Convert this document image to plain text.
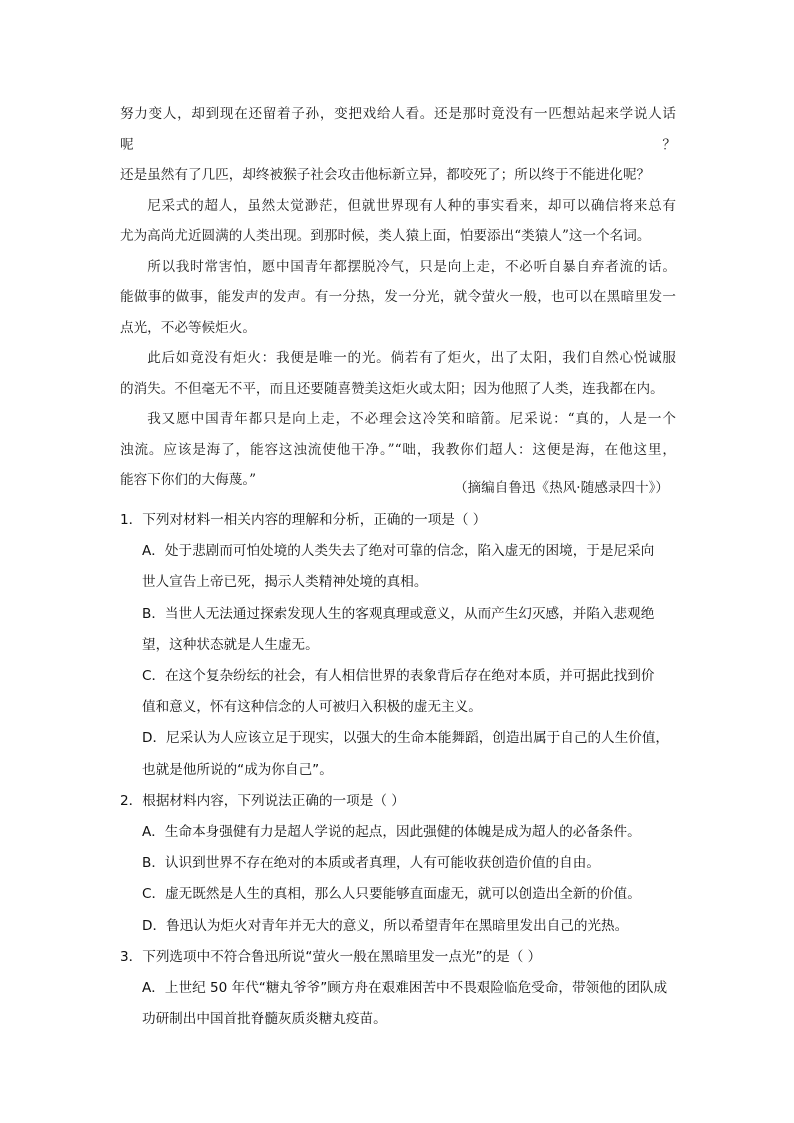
努力变人，却到现在还留着子孙，变把戏给人看。还是那时竟没有一匹想站起来学说人话呢？

还是虽然有了几匹，却终被猴子社会攻击他标新立异，都咬死了；所以终于不能进化呢？

尼采式的超人，虽然太觉渺茫，但就世界现有人种的事实看来，却可以确信将来总有

尤为高尚尤近圆满的人类出现。到那时候，类人猿上面，怕要添出“类猿人”这一个名词。

所以我时常害怕，愿中国青年都摆脱冷气，只是向上走，不必听自暴自弃者流的话。

能做事的做事，能发声的发声。有一分热，发一分光，就令萤火一般，也可以在黑暗里发一

点光，不必等候炬火。

此后如竟没有炬火：我便是唯一的光。倘若有了炬火，出了太阳，我们自然心悦诚服

的消失。不但毫无不平，而且还要随喜赞美这炬火或太阳；因为他照了人类，连我都在内。

我又愿中国青年都只是向上走，不必理会这冷笑和暗箭。尼采说：“真的，人是一个

浊流。应该是海了，能容这浊流使他干净。”“咄，我教你们超人：这便是海，在他这里，

能容下你们的大侮蔑。”	（摘编自鲁迅《热风·随感录四十》）

1．下列对材料一相关内容的理解和分析，正确的一项是（ ）

A．处于悲剧而可怕处境的人类失去了绝对可靠的信念，陷入虚无的困境，于是尼采向

世人宣告上帝已死，揭示人类精神处境的真相。

B．当世人无法通过探索发现人生的客观真理或意义，从而产生幻灭感，并陷入悲观绝

望，这种状态就是人生虚无。

C．在这个复杂纷纭的社会，有人相信世界的表象背后存在绝对本质，并可据此找到价

值和意义，怀有这种信念的人可被归入积极的虚无主义。

D．尼采认为人应该立足于现实，以强大的生命本能舞蹈，创造出属于自己的人生价值，

也就是他所说的“成为你自己”。

2．根据材料内容，下列说法正确的一项是（ ）

A．生命本身强健有力是超人学说的起点，因此强健的体魄是成为超人的必备条件。

B．认识到世界不存在绝对的本质或者真理，人有可能收获创造价值的自由。

C．虚无既然是人生的真相，那么人只要能够直面虚无，就可以创造出全新的价值。

D．鲁迅认为炬火对青年并无大的意义，所以希望青年在黑暗里发出自己的光热。

3．下列选项中不符合鲁迅所说“萤火一般在黑暗里发一点光”的是（ ）

A．上世纪 50 年代“糖丸爷爷”顾方舟在艰难困苦中不畏艰险临危受命，带领他的团队成

功研制出中国首批脊髓灰质炎糖丸疫苗。
